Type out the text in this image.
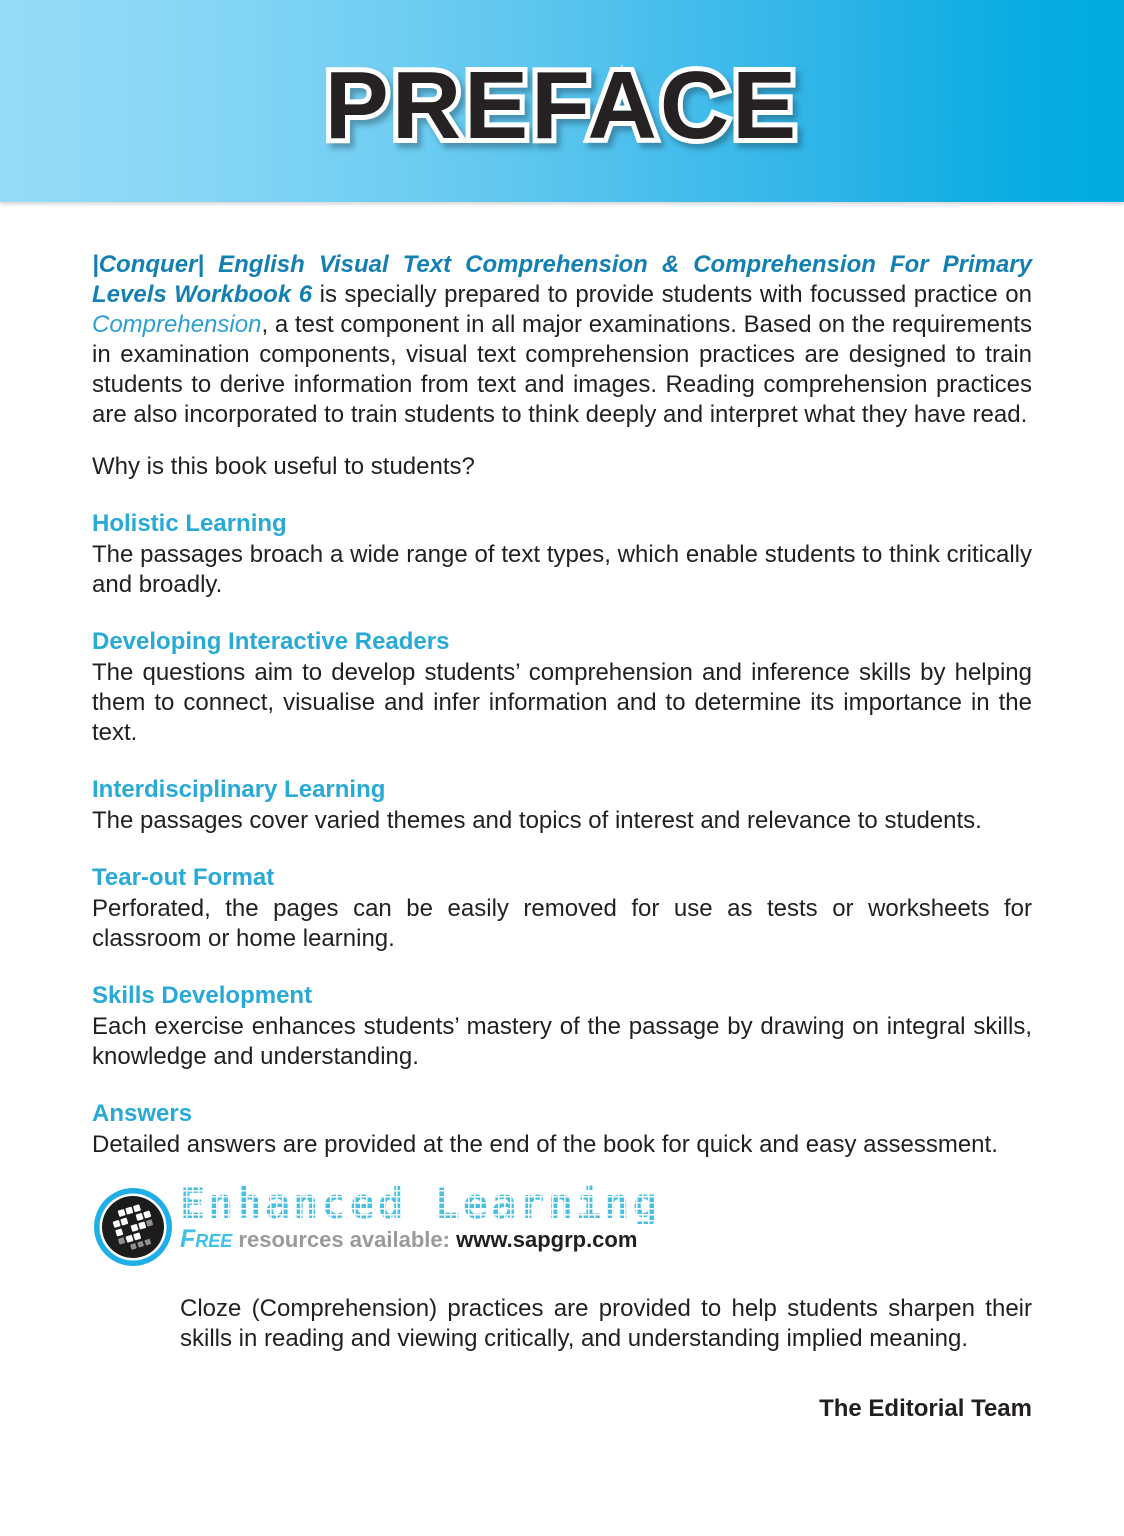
PREFACE

|Conquer| English Visual Text Comprehension & Comprehension For Primary Levels Workbook 6 is specially prepared to provide students with focussed practice on Comprehension, a test component in all major examinations. Based on the requirements in examination components, visual text comprehension practices are designed to train students to derive information from text and images. Reading comprehension practices are also incorporated to train students to think deeply and interpret what they have read.

Why is this book useful to students?

Holistic Learning

The passages broach a wide range of text types, which enable students to think critically and broadly.

Developing Interactive Readers

The questions aim to develop students’ comprehension and inference skills by helping them to connect, visualise and infer information and to determine its importance in the text.

Interdisciplinary Learning

The passages cover varied themes and topics of interest and relevance to students.

Tear-out Format

Perforated, the pages can be easily removed for use as tests or worksheets for classroom or home learning.

Skills Development

Each exercise enhances students’ mastery of the passage by drawing on integral skills, knowledge and understanding.

Answers

Detailed answers are provided at the end of the book for quick and easy assessment.

Enhanced Learning
Free resources available: www.sapgrp.com

Cloze (Comprehension) practices are provided to help students sharpen their skills in reading and viewing critically, and understanding implied meaning.

The Editorial Team
